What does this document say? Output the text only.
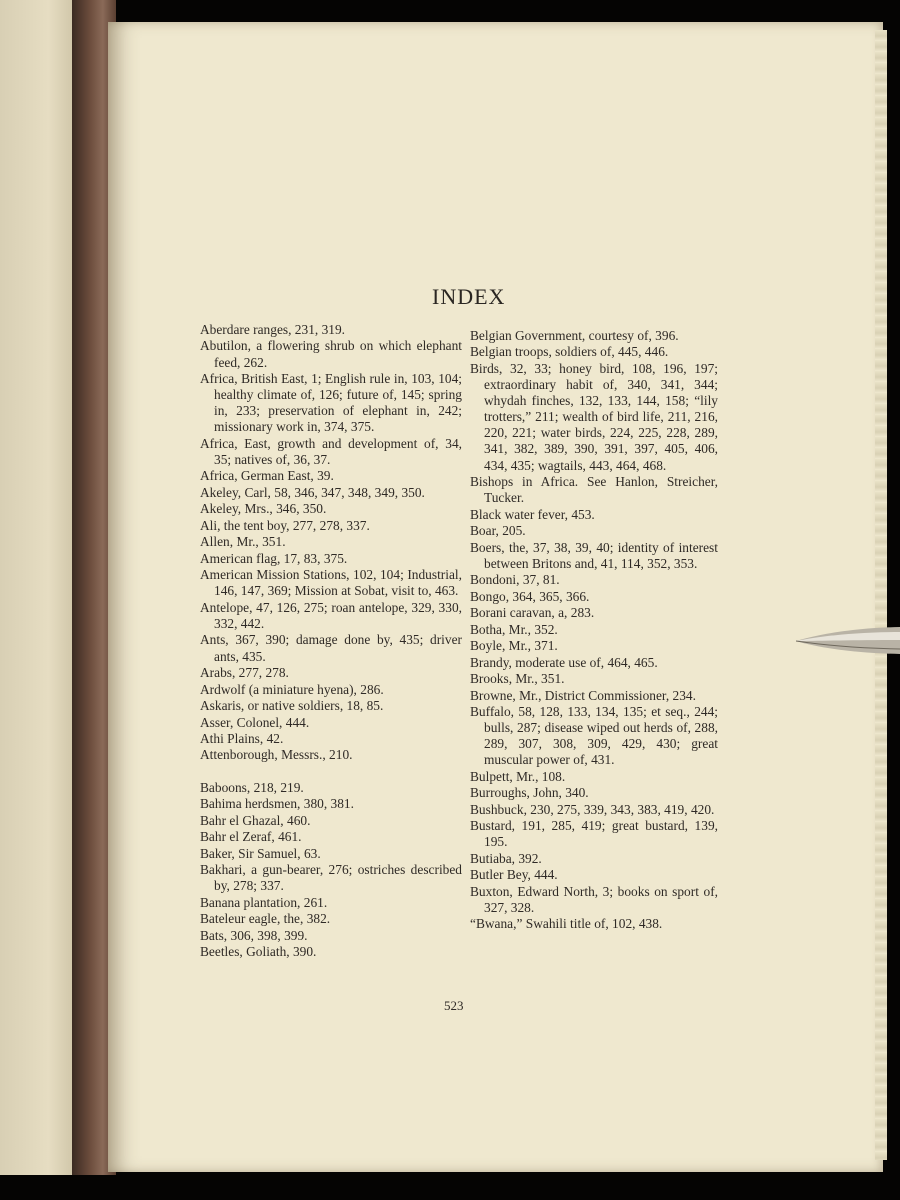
INDEX
Aberdare ranges, 231, 319.
Abutilon, a flowering shrub on which elephant feed, 262.
Africa, British East, 1; English rule in, 103, 104; healthy climate of, 126; future of, 145; spring in, 233; preservation of elephant in, 242; missionary work in, 374, 375.
Africa, East, growth and development of, 34, 35; natives of, 36, 37.
Africa, German East, 39.
Akeley, Carl, 58, 346, 347, 348, 349, 350.
Akeley, Mrs., 346, 350.
Ali, the tent boy, 277, 278, 337.
Allen, Mr., 351.
American flag, 17, 83, 375.
American Mission Stations, 102, 104; Industrial, 146, 147, 369; Mission at Sobat, visit to, 463.
Antelope, 47, 126, 275; roan antelope, 329, 330, 332, 442.
Ants, 367, 390; damage done by, 435; driver ants, 435.
Arabs, 277, 278.
Ardwolf (a miniature hyena), 286.
Askaris, or native soldiers, 18, 85.
Asser, Colonel, 444.
Athi Plains, 42.
Attenborough, Messrs., 210.
Baboons, 218, 219.
Bahima herdsmen, 380, 381.
Bahr el Ghazal, 460.
Bahr el Zeraf, 461.
Baker, Sir Samuel, 63.
Bakhari, a gun-bearer, 276; ostriches described by, 278; 337.
Banana plantation, 261.
Bateleur eagle, the, 382.
Bats, 306, 398, 399.
Beetles, Goliath, 390.
Belgian Government, courtesy of, 396.
Belgian troops, soldiers of, 445, 446.
Birds, 32, 33; honey bird, 108, 196, 197; extraordinary habit of, 340, 341, 344; whydah finches, 132, 133, 144, 158; “lily trotters,” 211; wealth of bird life, 211, 216, 220, 221; water birds, 224, 225, 228, 289, 341, 382, 389, 390, 391, 397, 405, 406, 434, 435; wagtails, 443, 464, 468.
Bishops in Africa. See Hanlon, Streicher, Tucker.
Black water fever, 453.
Boar, 205.
Boers, the, 37, 38, 39, 40; identity of interest between Britons and, 41, 114, 352, 353.
Bondoni, 37, 81.
Bongo, 364, 365, 366.
Borani caravan, a, 283.
Botha, Mr., 352.
Boyle, Mr., 371.
Brandy, moderate use of, 464, 465.
Brooks, Mr., 351.
Browne, Mr., District Commissioner, 234.
Buffalo, 58, 128, 133, 134, 135; et seq., 244; bulls, 287; disease wiped out herds of, 288, 289, 307, 308, 309, 429, 430; great muscular power of, 431.
Bulpett, Mr., 108.
Burroughs, John, 340.
Bushbuck, 230, 275, 339, 343, 383, 419, 420.
Bustard, 191, 285, 419; great bustard, 139, 195.
Butiaba, 392.
Butler Bey, 444.
Buxton, Edward North, 3; books on sport of, 327, 328.
“Bwana,” Swahili title of, 102, 438.
523
